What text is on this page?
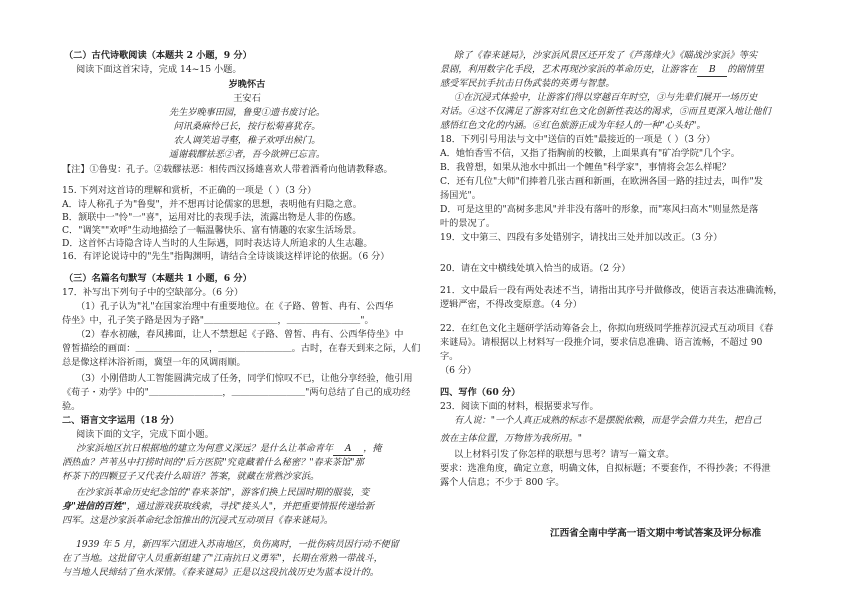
（二）古代诗歌阅读（本题共 2 小题，9 分）
阅读下面这首宋诗，完成 14~15 小题。
岁晚怀古
王安石
先生岁晚事田园，鲁叟①遗书废讨论。
问讯桑麻怜已长，按行松菊喜犹存。
农人调笑追寻壑，稚子欢呼出候门。
遥谢载醪祛恶②者，吾今欲辨已忘言。
【注】①鲁叟：孔子。②载醪祛恶：相传西汉扬雄喜欢人带着酒肴向他请教释惑。
15. 下列对这首诗的理解和赏析，不正确的一项是（ ）（3 分）
A．诗人称孔子为"鲁叟"，并不想再讨论儒家的思想，表明他有归隐之意。
B．颔联中一"怜"一"喜"，运用对比的表现手法，流露出物是人非的伤感。
C．"调笑""欢呼"生动地描绘了一幅温馨快乐、富有情趣的农家生活场景。
D．这首怀古诗隐含诗人当时的人生际遇，同时表达诗人所追求的人生志趣。
16．有评论说诗中的"先生"指陶渊明，请结合全诗谈谈这样评论的依据。（6 分）
（三）名篇名句默写（本题共 1 小题，6 分）
17．补写出下列句子中的空缺部分。（6 分）
（1）孔子认为"礼"在国家治理中有重要地位。在《子路、曾皙、冉有、公西华
侍坐》中，孔子笑子路是因为子路"＿＿＿＿＿＿＿＿，＿＿＿＿＿＿＿＿"。
（2）春水初融，春风拂面，让人不禁想起《子路、曾皙、冉有、公西华侍坐》中
曾皙描绘的画面：＿＿＿＿＿＿＿＿，＿＿＿＿＿＿＿＿。古时，在春天到来之际，人们
总是像这样沐浴祈雨，冀望一年的风调雨顺。
（3）小刚借助人工智能圆满完成了任务，同学们惊叹不已，让他分享经验，他引用
《荀子・劝学》中的"＿＿＿＿＿＿＿＿，＿＿＿＿＿＿＿＿"两句总结了自己的成功经
验。
二、语言文字运用（18 分）
阅读下面的文字，完成下面小题。
沙家浜地区抗日根据地的建立为何意义深远？是什么让革命青年 A ，掩
洒热血？芦苇丛中打捞时间的"后方医院"究竟藏着什么秘密？"春来茶馆"那
杯茶下的四颗豆子又代表什么暗语？答案，就藏在常熟沙家浜。
在沙家浜革命历史纪念馆的"春来茶馆"，游客们换上民国时期的服装，变
身"进信的百姓"，通过游戏获取线索，寻找"接头人"，并把重要情报传递给新
四军。这是沙家浜革命纪念馆推出的沉浸式互动项目《春来谜局》。
1939 年 5 月，新四军六团进入苏南地区，负伤离时，一批伤病员因行动不便留
在了当地。这批留守人员重新组建了"江南抗日义勇军"，长期在常熟一带战斗，
与当地人民缔结了鱼水深情。《春来谜局》正是以这段抗战历史为蓝本设计的。
除了《春来谜局》，沙家浜风景区还开发了《芦荡烽火》《瞄战沙家浜》等实
景剧，利用数字化手段，艺术再现沙家浜的革命历史，让游客在 B 的剧情里
感受军民抗手抗击日伪武装的英勇与智慧。
①在沉浸式体验中，让游客们得以穿越百年时空，③与先辈们展开一场历史
对话。④这不仅满足了游客对红色文化创新性表达的渴求，⑤而且更深入地让他们
感悟红色文化的内涵。⑥红色旅游正成为年轻人的一种"心头好"。
18．下列引号用法与文中"送信的百姓"最接近的一项是（ ）（3 分）
A．她怕香雪不信，又指了指胸前的校徽，上面果真有"矿冶学院"几个字。
B．我曾想，如果从池水中抓出一个鲤鱼"科学家"，事情将会怎么样呢？
C．还有几位"大师"们捧着几张古画和新画，在欧洲各国一路的挂过去，叫作"发
扬国光"。
D．可是这里的"高树多悲风"并非没有落叶的形象，而"寒风扫高木"则显然是落
叶的景况了。
19．文中第三、四段有多处错别字，请找出三处并加以改正。（3 分）
20．请在文中横线处填入恰当的成语。（2 分）
21．文中最后一段有两处表述不当，请指出其序号并做修改，使语言表达准确流畅，
逻辑严密，不得改变原意。（4 分）
22．在红色文化主题研学活动筹备会上，你拟向班级同学推荐沉浸式互动项目《春
来谜局》。请根据以上材料写一段推介词，要求信息准确、语言流畅，不超过 90
字。
（6 分）
四、写作（60 分）
23．阅读下面的材料，根据要求写作。
有人说："一个人真正成熟的标志不是摆脱依赖，而是学会借力共生，把自己
放在主体位置，万物皆为我所用。"
以上材料引发了你怎样的联想与思考？请写一篇文章。
要求：选准角度，确定立意，明确文体，自拟标题；不要套作，不得抄袭；不得泄
露个人信息；不少于 800 字。
江西省全南中学高一语文期中考试答案及评分标准
